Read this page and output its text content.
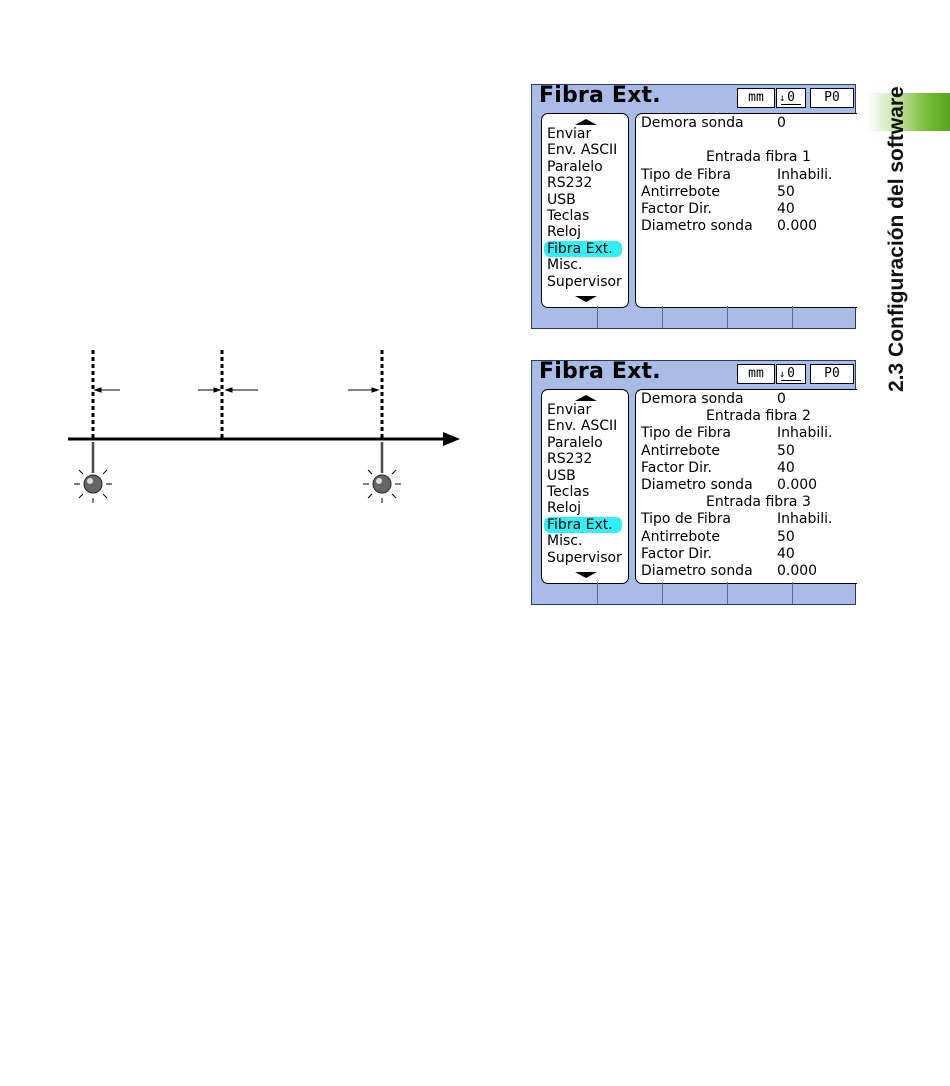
2.3 Configuración del software
Fibra Ext.	mm	↓ 0	P0
Enviar
Env. ASCII
Paralelo
RS232
USB
Teclas
Reloj
Fibra Ext.
Misc.
Supervisor
Demora sonda 0
Entrada fibra 1
Tipo de Fibra	Inhabili.
Antirrebote	50
Factor Dir.	40
Diametro sonda 0.000
Fibra Ext.	mm	↓ 0	P0
Enviar
Env. ASCII
Paralelo
RS232
USB
Teclas
Reloj
Fibra Ext.
Misc.
Supervisor
Demora sonda 0
Entrada fibra 2
Tipo de Fibra	Inhabili.
Antirrebote	50
Factor Dir.	40
Diametro sonda 0.000
Entrada fibra 3
Tipo de Fibra	Inhabili.
Antirrebote	50
Factor Dir.	40
Diametro sonda 0.000
